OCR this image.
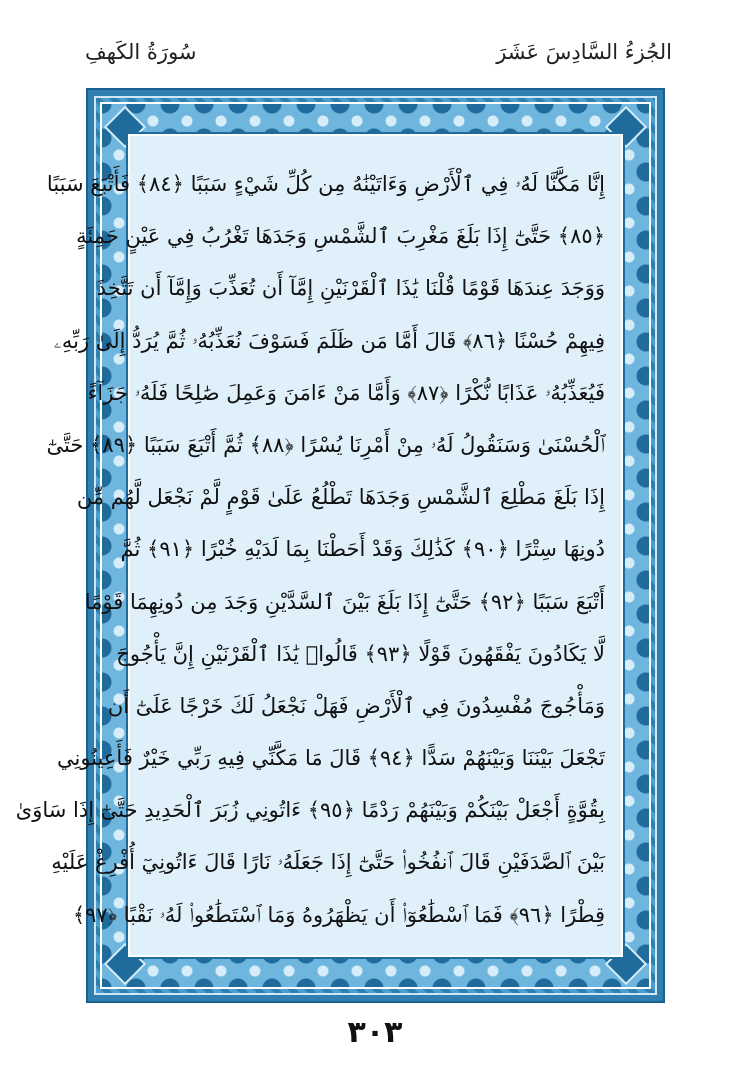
سُورَةُ الكَهفِ	الجُزءُ السَّادِسَ عَشَرَ
إِنَّا مَكَّنَّا لَهُۥ فِي ٱلْأَرْضِ وَءَاتَيْنَٰهُ مِن كُلِّ شَيْءٍ سَبَبًا ﴿٨٤﴾ فَأَتْبَعَ سَبَبًا
﴿٨٥﴾ حَتَّىٰٓ إِذَا بَلَغَ مَغْرِبَ ٱلشَّمْسِ وَجَدَهَا تَغْرُبُ فِي عَيْنٍ حَمِئَةٍ
وَوَجَدَ عِندَهَا قَوْمًا قُلْنَا يَٰذَا ٱلْقَرْنَيْنِ إِمَّآ أَن تُعَذِّبَ وَإِمَّآ أَن تَتَّخِذَ
فِيهِمْ حُسْنًا ﴿٨٦﴾ قَالَ أَمَّا مَن ظَلَمَ فَسَوْفَ نُعَذِّبُهُۥ ثُمَّ يُرَدُّ إِلَىٰ رَبِّهِۦ
فَيُعَذِّبُهُۥ عَذَابًا نُّكْرًا ﴿٨٧﴾ وَأَمَّا مَنْ ءَامَنَ وَعَمِلَ صَٰلِحًا فَلَهُۥ جَزَآءً
ٱلْحُسْنَىٰ وَسَنَقُولُ لَهُۥ مِنْ أَمْرِنَا يُسْرًا ﴿٨٨﴾ ثُمَّ أَتْبَعَ سَبَبًا ﴿٨٩﴾ حَتَّىٰٓ
إِذَا بَلَغَ مَطْلِعَ ٱلشَّمْسِ وَجَدَهَا تَطْلُعُ عَلَىٰ قَوْمٍ لَّمْ نَجْعَل لَّهُم مِّن
دُونِهَا سِتْرًا ﴿٩٠﴾ كَذَٰلِكَ وَقَدْ أَحَطْنَا بِمَا لَدَيْهِ خُبْرًا ﴿٩١﴾ ثُمَّ
أَتْبَعَ سَبَبًا ﴿٩٢﴾ حَتَّىٰٓ إِذَا بَلَغَ بَيْنَ ٱلسَّدَّيْنِ وَجَدَ مِن دُونِهِمَا قَوْمًا
لَّا يَكَادُونَ يَفْقَهُونَ قَوْلًا ﴿٩٣﴾ قَالُوا۟ يَٰذَا ٱلْقَرْنَيْنِ إِنَّ يَأْجُوجَ
وَمَأْجُوجَ مُفْسِدُونَ فِي ٱلْأَرْضِ فَهَلْ نَجْعَلُ لَكَ خَرْجًا عَلَىٰٓ أَن
تَجْعَلَ بَيْنَنَا وَبَيْنَهُمْ سَدًّا ﴿٩٤﴾ قَالَ مَا مَكَّنِّي فِيهِ رَبِّي خَيْرٌ فَأَعِينُونِي
بِقُوَّةٍ أَجْعَلْ بَيْنَكُمْ وَبَيْنَهُمْ رَدْمًا ﴿٩٥﴾ ءَاتُونِي زُبَرَ ٱلْحَدِيدِ حَتَّىٰٓ إِذَا سَاوَىٰ
بَيْنَ ٱلصَّدَفَيْنِ قَالَ ٱنفُخُوا۟ حَتَّىٰٓ إِذَا جَعَلَهُۥ نَارًا قَالَ ءَاتُونِيٓ أُفْرِغْ عَلَيْهِ
قِطْرًا ﴿٩٦﴾ فَمَا ٱسْطَٰعُوٓا۟ أَن يَظْهَرُوهُ وَمَا ٱسْتَطَٰعُوا۟ لَهُۥ نَقْبًا ﴿٩٧﴾
٣٠٣
